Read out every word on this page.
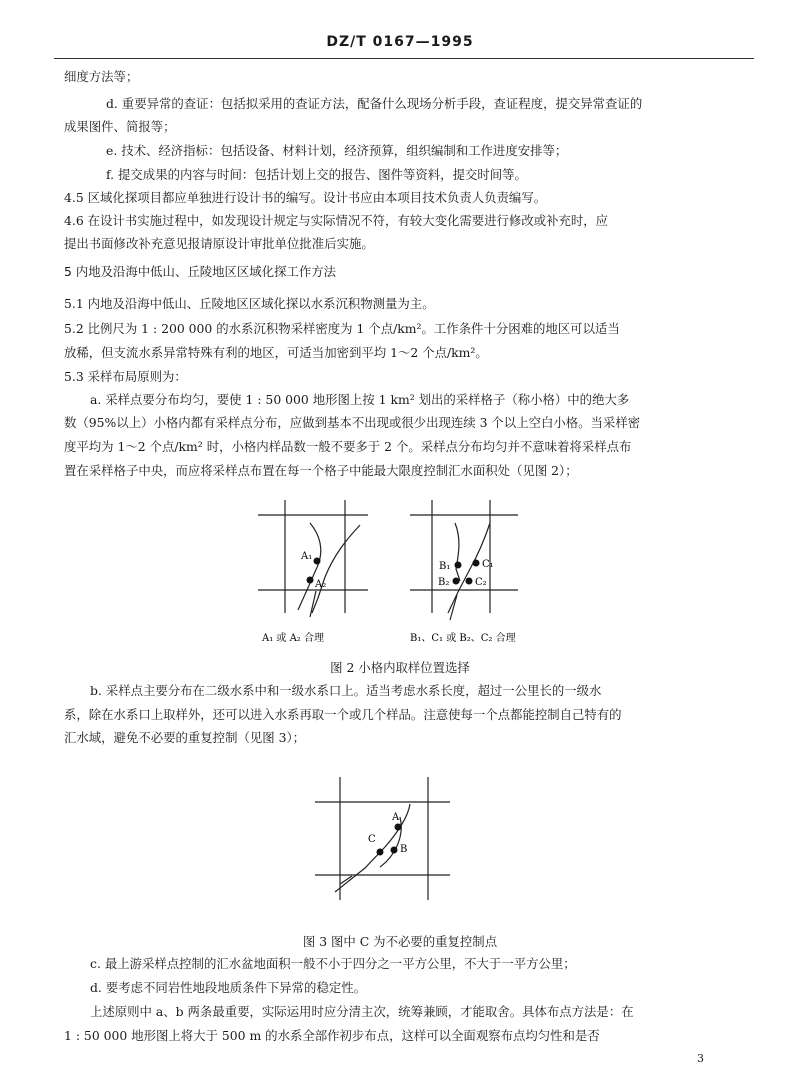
DZ/T 0167—1995
细度方法等；
d. 重要异常的查证：包括拟采用的查证方法，配备什么现场分析手段，查证程度，提交异常查证的
成果图件、简报等；
e. 技术、经济指标：包括设备、材料计划，经济预算，组织编制和工作进度安排等；
f. 提交成果的内容与时间：包括计划上交的报告、图件等资料，提交时间等。
4.5 区域化探项目都应单独进行设计书的编写。设计书应由本项目技术负责人负责编写。
4.6 在设计书实施过程中，如发现设计规定与实际情况不符，有较大变化需要进行修改或补充时，应
提出书面修改补充意见报请原设计审批单位批准后实施。
5 内地及沿海中低山、丘陵地区区域化探工作方法
5.1 内地及沿海中低山、丘陵地区区域化探以水系沉积物测量为主。
5.2 比例尺为 1 : 200 000 的水系沉积物采样密度为 1 个点/km²。工作条件十分困难的地区可以适当
放稀，但支流水系异常特殊有利的地区，可适当加密到平均 1～2 个点/km²。
5.3 采样布局原则为：
a. 采样点要分布均匀，要使 1 : 50 000 地形图上按 1 km² 划出的采样格子（称小格）中的绝大多
数（95%以上）小格内都有采样点分布，应做到基本不出现或很少出现连续 3 个以上空白小格。当采样密
度平均为 1～2 个点/km² 时，小格内样品数一般不要多于 2 个。采样点分布均匀并不意味着将采样点布
置在采样格子中央，而应将采样点布置在每一个格子中能最大限度控制汇水面积处（见图 2）；
A₁
A₂
B₁
B₂
C₁
C₂
A₁ 或 A₂ 合理	B₁、C₁ 或 B₂、C₂ 合理
图 2 小格内取样位置选择
b. 采样点主要分布在二级水系中和一级水系口上。适当考虑水系长度，超过一公里长的一级水
系，除在水系口上取样外，还可以进入水系再取一个或几个样品。注意使每一个点都能控制自己特有的
汇水域，避免不必要的重复控制（见图 3）；
A
B
C
图 3 图中 C 为不必要的重复控制点
c. 最上游采样点控制的汇水盆地面积一般不小于四分之一平方公里，不大于一平方公里；
d. 要考虑不同岩性地段地质条件下异常的稳定性。
上述原则中 a、b 两条最重要，实际运用时应分清主次，统筹兼顾，才能取舍。具体布点方法是：在
1 : 50 000 地形图上将大于 500 m 的水系全部作初步布点，这样可以全面观察布点均匀性和是否
3
